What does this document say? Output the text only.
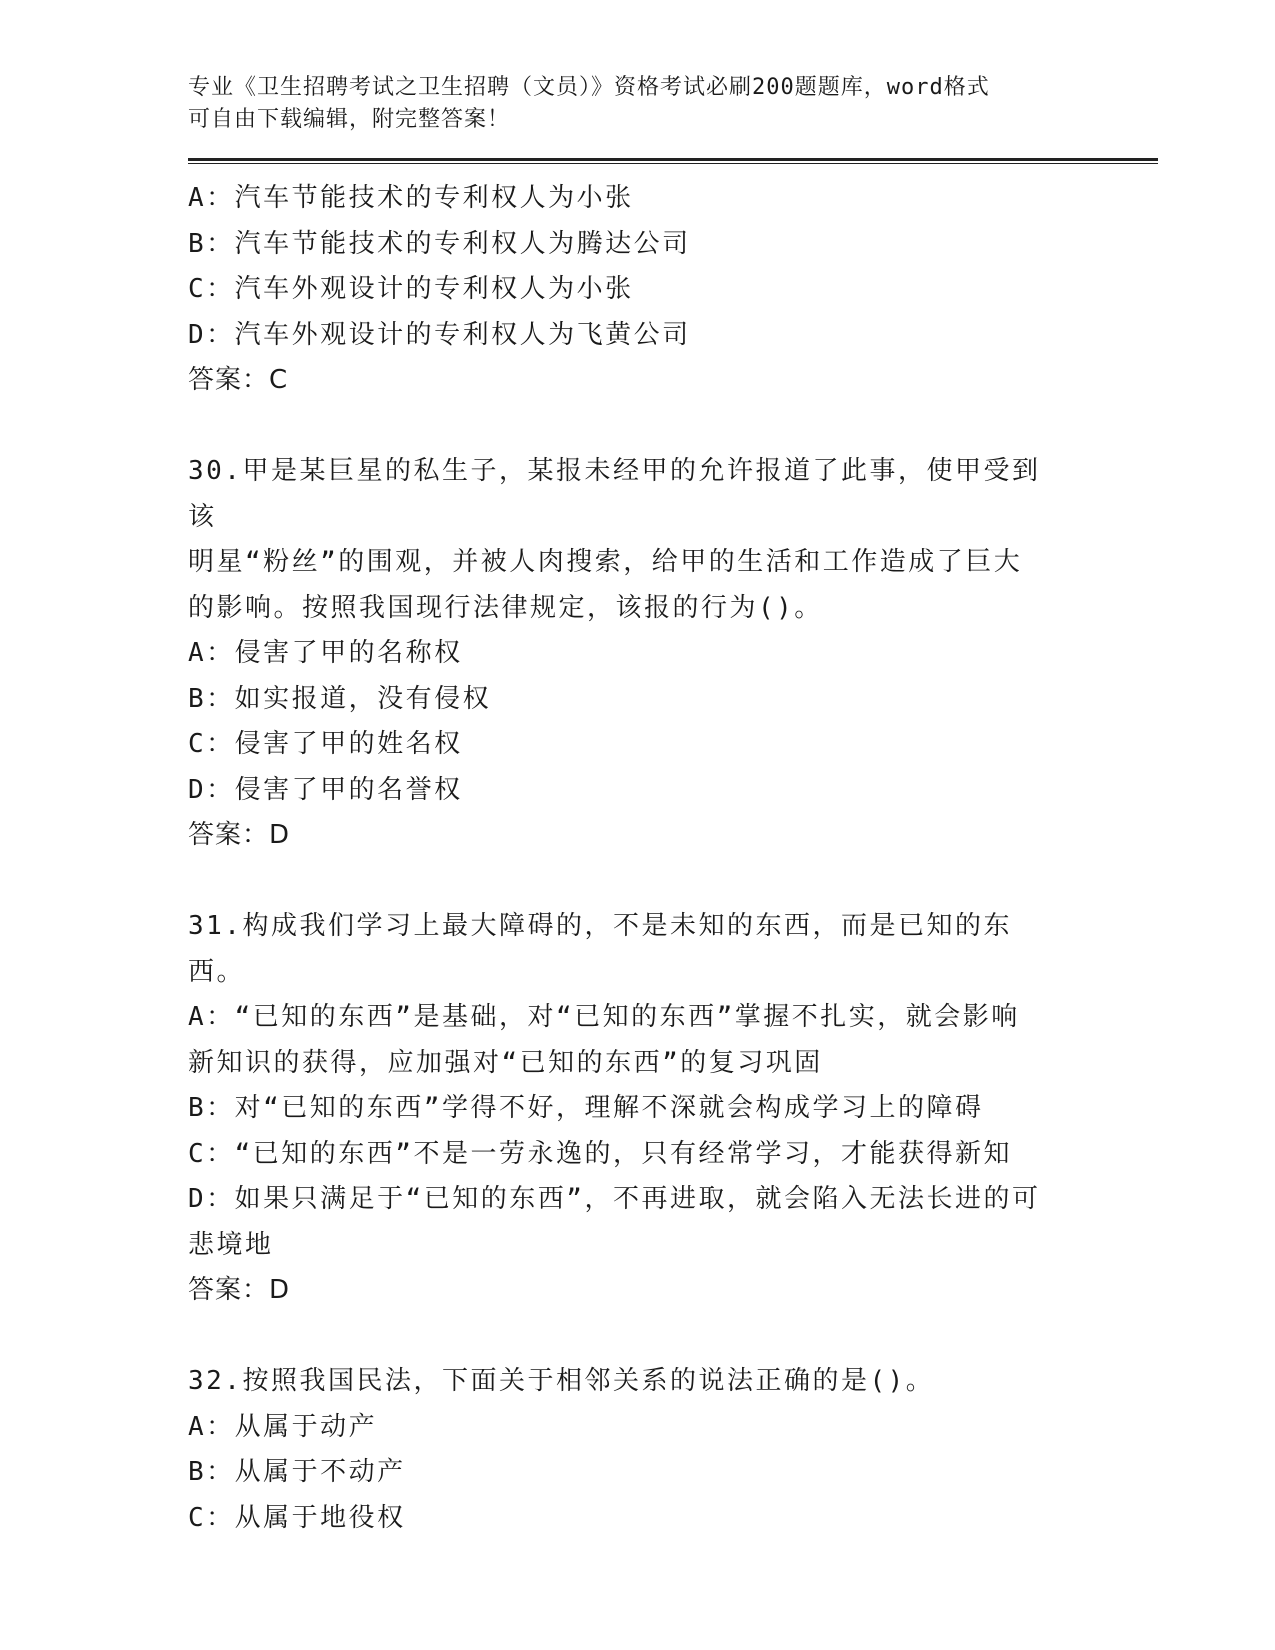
专业《卫生招聘考试之卫生招聘（文员）》资格考试必刷200题题库，word格式

可自由下载编辑，附完整答案！

A：汽车节能技术的专利权人为小张

B：汽车节能技术的专利权人为腾达公司

C：汽车外观设计的专利权人为小张

D：汽车外观设计的专利权人为飞黄公司

答案：C

30.甲是某巨星的私生子，某报未经甲的允许报道了此事，使甲受到该

明星“粉丝”的围观，并被人肉搜索，给甲的生活和工作造成了巨大

的影响。按照我国现行法律规定，该报的行为()。

A：侵害了甲的名称权

B：如实报道，没有侵权

C：侵害了甲的姓名权

D：侵害了甲的名誉权

答案：D

31.构成我们学习上最大障碍的，不是未知的东西，而是已知的东西。

A：“已知的东西”是基础，对“已知的东西”掌握不扎实，就会影响

新知识的获得，应加强对“已知的东西”的复习巩固

B：对“已知的东西”学得不好，理解不深就会构成学习上的障碍

C：“已知的东西”不是一劳永逸的，只有经常学习，才能获得新知

D：如果只满足于“已知的东西”，不再进取，就会陷入无法长进的可

悲境地

答案：D

32.按照我国民法，下面关于相邻关系的说法正确的是()。

A：从属于动产

B：从属于不动产

C：从属于地役权
